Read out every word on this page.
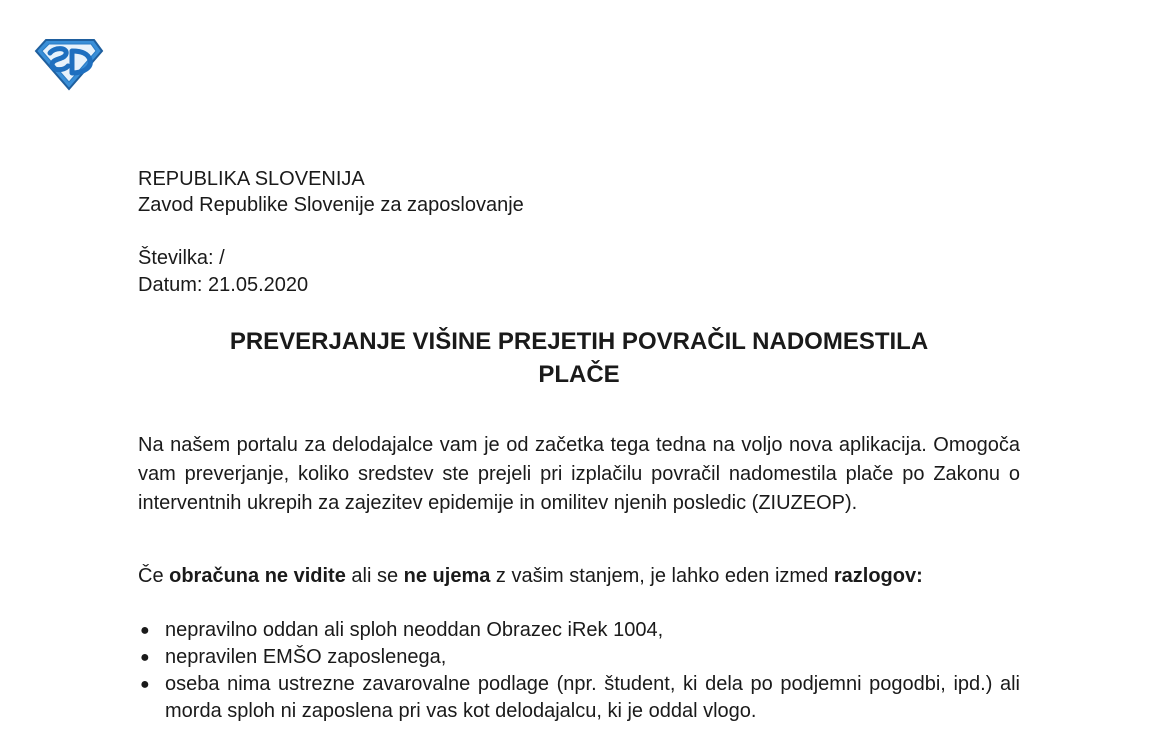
REPUBLIKA SLOVENIJA
Zavod Republike Slovenije za zaposlovanje
Številka: /
Datum: 21.05.2020
PREVERJANJE VIŠINE PREJETIH POVRAČIL NADOMESTILA
PLAČE

Na našem portalu za delodajalce vam je od začetka tega tedna na voljo nova aplikacija. Omogoča vam preverjanje, koliko sredstev ste prejeli pri izplačilu povračil nadomestila plače po Zakonu o interventnih ukrepih za zajezitev epidemije in omilitev njenih posledic (ZIUZEOP).

Če obračuna ne vidite ali se ne ujema z vašim stanjem, je lahko eden izmed razlogov:

● nepravilno oddan ali sploh neoddan Obrazec iRek 1004,
● nepravilen EMŠO zaposlenega,
● oseba nima ustrezne zavarovalne podlage (npr. študent, ki dela po podjemni pogodbi, ipd.) ali morda sploh ni zaposlena pri vas kot delodajalcu, ki je oddal vlogo.
